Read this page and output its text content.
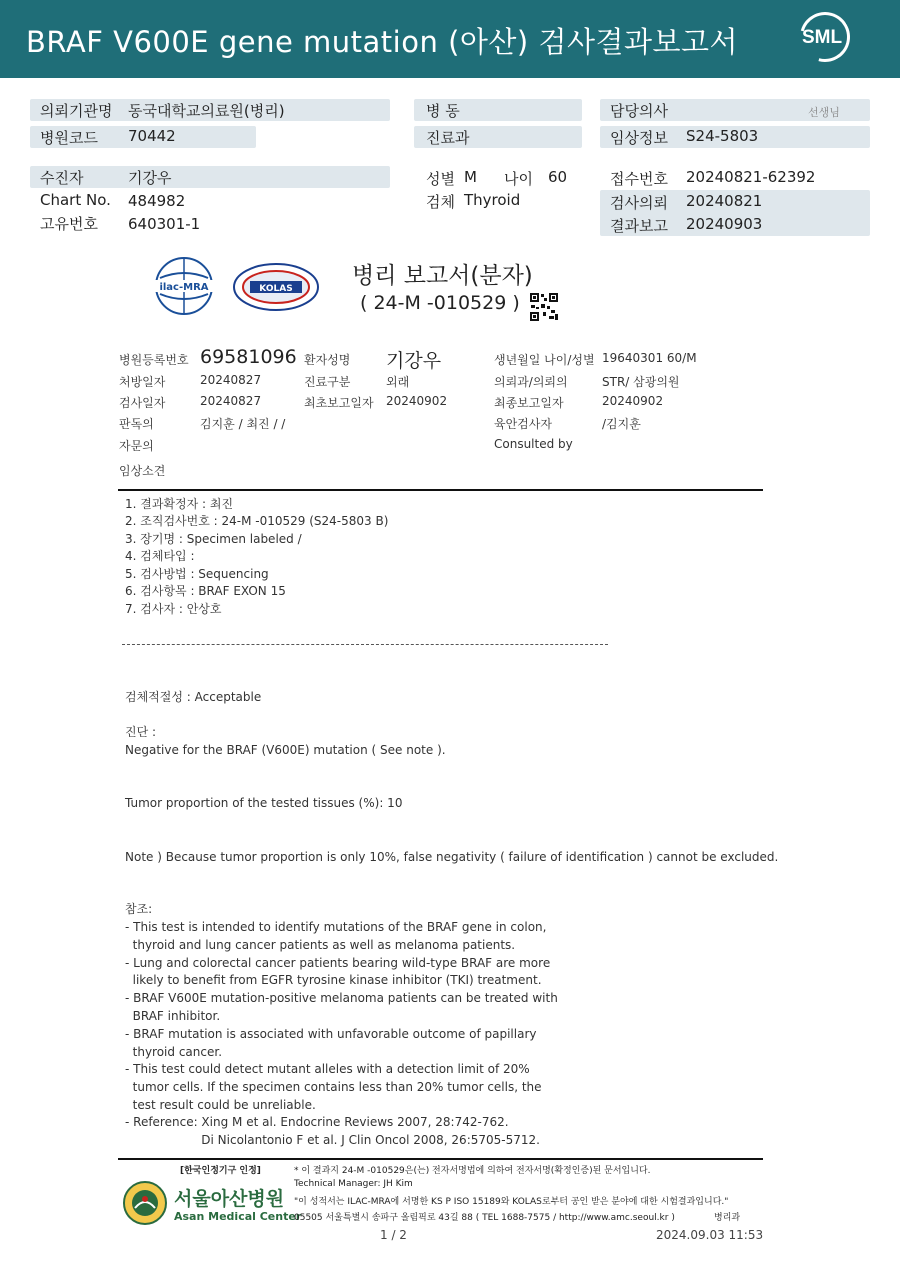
BRAF V600E gene mutation (아산) 검사결과보고서	SML
의뢰기관명 동국대학교의료원(병리)
병원코드 70442
병 동
진료과
담당의사	선생님
임상정보 S24-5803
수진자	기강우
Chart No. 484982
고유번호 640301-1
성별 M 나이 60
검체 Thyroid
접수번호 20240821-62392
검사의뢰 20240821
결과보고 20240903
ilac-MRA	KOLAS	병리 보고서(분자)
( 24-M -010529 )
병원등록번호 69581096 환자성명 기강우	생년월일 나이/성별 19640301 60/M
처방일자	20240827	진료구분	외래	의뢰과/의뢰의	STR/ 삼광의원
검사일자	20240827	최초보고일자 20240902	최종보고일자	20240902
판독의	김지훈 / 최진 / /	육안검사자	/김지훈
자문의	Consulted by
임상소견
1. 결과확정자 : 최진
2. 조직검사번호 : 24-M -010529 (S24-5803 B)
3. 장기명 : Specimen labeled /
4. 검체타입 :
5. 검사방법 : Sequencing
6. 검사항목 : BRAF EXON 15
7. 검사자 : 안상호
검체적절성 : Acceptable
진단 :
Negative for the BRAF (V600E) mutation ( See note ).
Tumor proportion of the tested tissues (%): 10
Note ) Because tumor proportion is only 10%, false negativity ( failure of identification ) cannot be excluded.
참조:
- This test is intended to identify mutations of the BRAF gene in colon,
thyroid and lung cancer patients as well as melanoma patients.
- Lung and colorectal cancer patients bearing wild-type BRAF are more
likely to benefit from EGFR tyrosine kinase inhibitor (TKI) treatment.
- BRAF V600E mutation-positive melanoma patients can be treated with
BRAF inhibitor.
- BRAF mutation is associated with unfavorable outcome of papillary
thyroid cancer.
- This test could detect mutant alleles with a detection limit of 20%
tumor cells. If the specimen contains less than 20% tumor cells, the
test result could be unreliable.
- Reference: Xing M et al. Endocrine Reviews 2007, 28:742-762.
Di Nicolantonio F et al. J Clin Oncol 2008, 26:5705-5712.
[한국인정기구 인정]
서울아산병원
Asan Medical Center
* 이 결과지 24-M -010529은(는) 전자서명법에 의하여 전자서명(확정인증)된 문서입니다.
Technical Manager: JH Kim
"이 성적서는 ILAC-MRA에 서명한 KS P ISO 15189와 KOLAS로부터 공인 받은 분야에 대한 시험결과입니다."
05505 서울특별시 송파구 올림픽로 43길 88 ( TEL 1688-7575 / http://www.amc.seoul.kr )	병리과
1 / 2	2024.09.03 11:53
